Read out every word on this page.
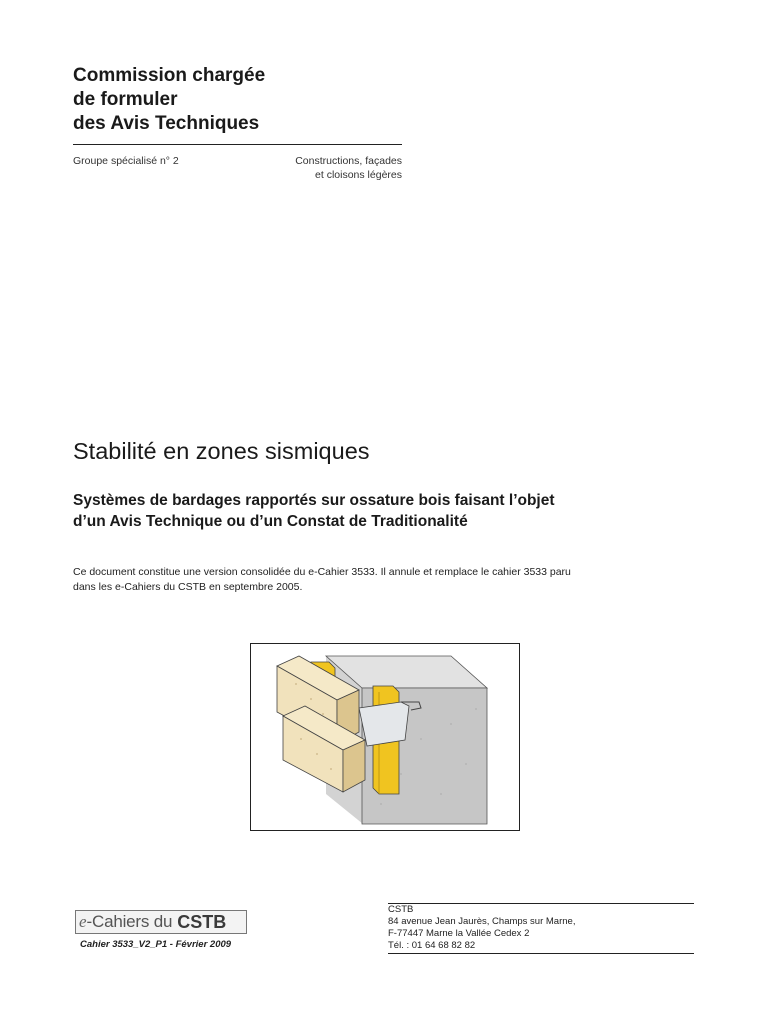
Commission chargée
de formuler
des Avis Techniques
Groupe spécialisé n° 2	Constructions, façades
et cloisons légères
Stabilité en zones sismiques
Systèmes de bardages rapportés sur ossature bois faisant l’objet
d’un Avis Technique ou d’un Constat de Traditionalité
Ce document constitue une version consolidée du e-Cahier 3533. Il annule et remplace le cahier 3533 paru
dans les e-Cahiers du CSTB en septembre 2005.
e -Cahiers du CSTB
Cahier 3533_V2_P1 - Février 2009
CSTB
84 avenue Jean Jaurès, Champs sur Marne,
F-77447 Marne la Vallée Cedex 2
Tél. : 01 64 68 82 82
